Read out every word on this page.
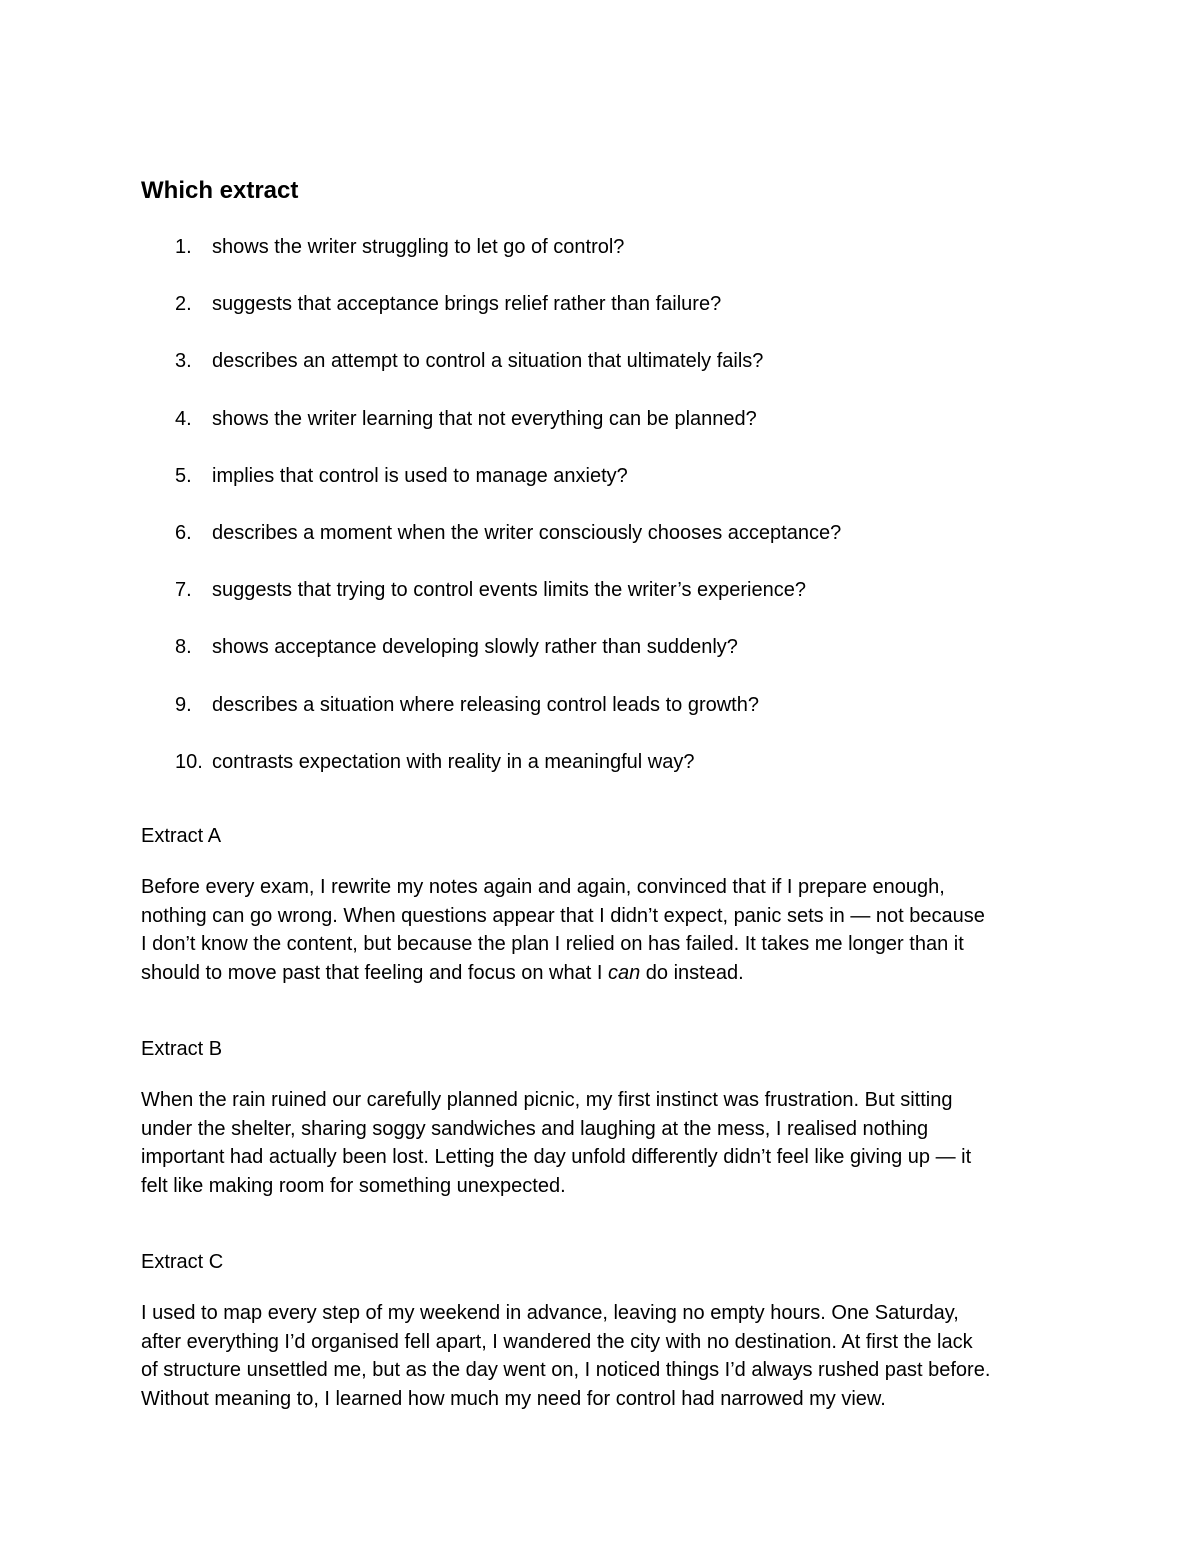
Which extract
1. shows the writer struggling to let go of control?
2. suggests that acceptance brings relief rather than failure?
3. describes an attempt to control a situation that ultimately fails?
4. shows the writer learning that not everything can be planned?
5. implies that control is used to manage anxiety?
6. describes a moment when the writer consciously chooses acceptance?
7. suggests that trying to control events limits the writer’s experience?
8. shows acceptance developing slowly rather than suddenly?
9. describes a situation where releasing control leads to growth?
10. contrasts expectation with reality in a meaningful way?
Extract A

Before every exam, I rewrite my notes again and again, convinced that if I prepare enough,
nothing can go wrong. When questions appear that I didn’t expect, panic sets in — not because
I don’t know the content, but because the plan I relied on has failed. It takes me longer than it
should to move past that feeling and focus on what I can do instead.

Extract B

When the rain ruined our carefully planned picnic, my first instinct was frustration. But sitting
under the shelter, sharing soggy sandwiches and laughing at the mess, I realised nothing
important had actually been lost. Letting the day unfold differently didn’t feel like giving up — it
felt like making room for something unexpected.

Extract C

I used to map every step of my weekend in advance, leaving no empty hours. One Saturday,
after everything I’d organised fell apart, I wandered the city with no destination. At first the lack
of structure unsettled me, but as the day went on, I noticed things I’d always rushed past before.
Without meaning to, I learned how much my need for control had narrowed my view.
